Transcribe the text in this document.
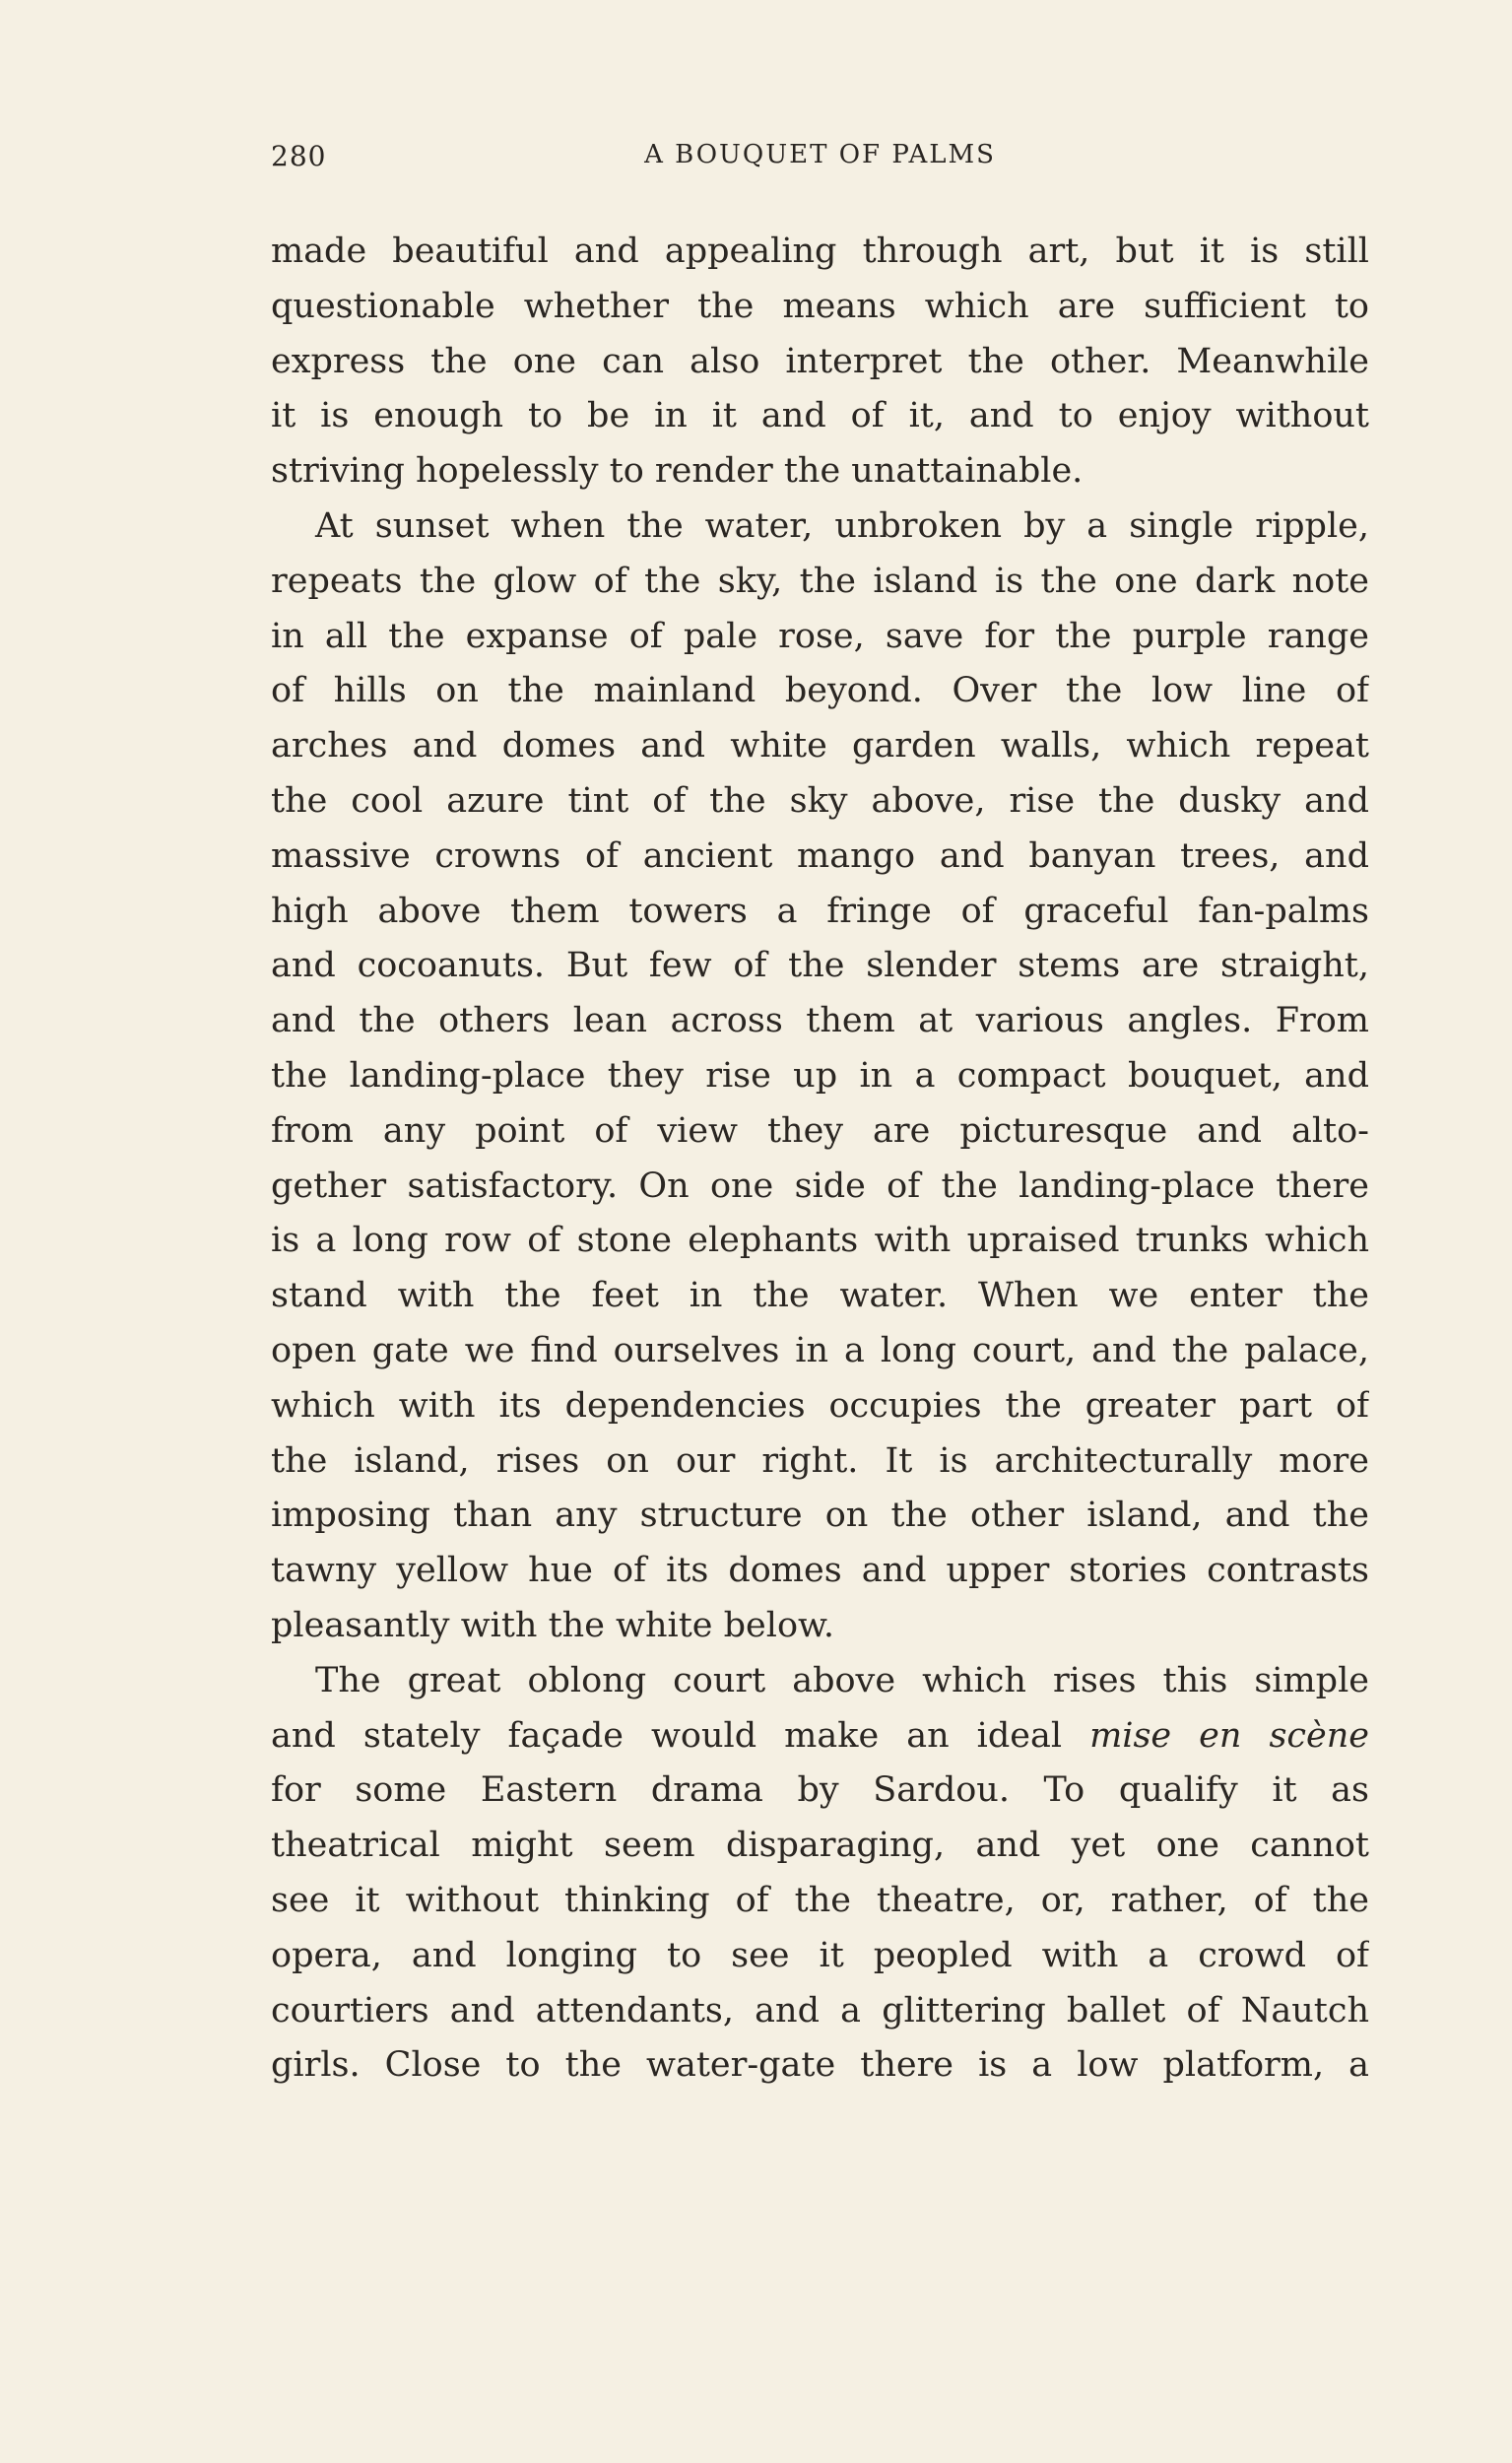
280	A BOUQUET OF PALMS
made beautiful and appealing through art, but it is still
questionable whether the means which are sufficient to
express the one can also interpret the other. Meanwhile
it is enough to be in it and of it, and to enjoy without
striving hopelessly to render the unattainable.
At sunset when the water, unbroken by a single ripple,
repeats the glow of the sky, the island is the one dark note
in all the expanse of pale rose, save for the purple range
of hills on the mainland beyond. Over the low line of
arches and domes and white garden walls, which repeat
the cool azure tint of the sky above, rise the dusky and
massive crowns of ancient mango and banyan trees, and
high above them towers a fringe of graceful fan-palms
and cocoanuts. But few of the slender stems are straight,
and the others lean across them at various angles. From
the landing-place they rise up in a compact bouquet, and
from any point of view they are picturesque and alto-
gether satisfactory. On one side of the landing-place there
is a long row of stone elephants with upraised trunks which
stand with the feet in the water. When we enter the
open gate we find ourselves in a long court, and the palace,
which with its dependencies occupies the greater part of
the island, rises on our right. It is architecturally more
imposing than any structure on the other island, and the
tawny yellow hue of its domes and upper stories contrasts
pleasantly with the white below.
The great oblong court above which rises this simple
and stately façade would make an ideal mise en scène
for some Eastern drama by Sardou. To qualify it as
theatrical might seem disparaging, and yet one cannot
see it without thinking of the theatre, or, rather, of the
opera, and longing to see it peopled with a crowd of
courtiers and attendants, and a glittering ballet of Nautch
girls. Close to the water-gate there is a low platform, a
